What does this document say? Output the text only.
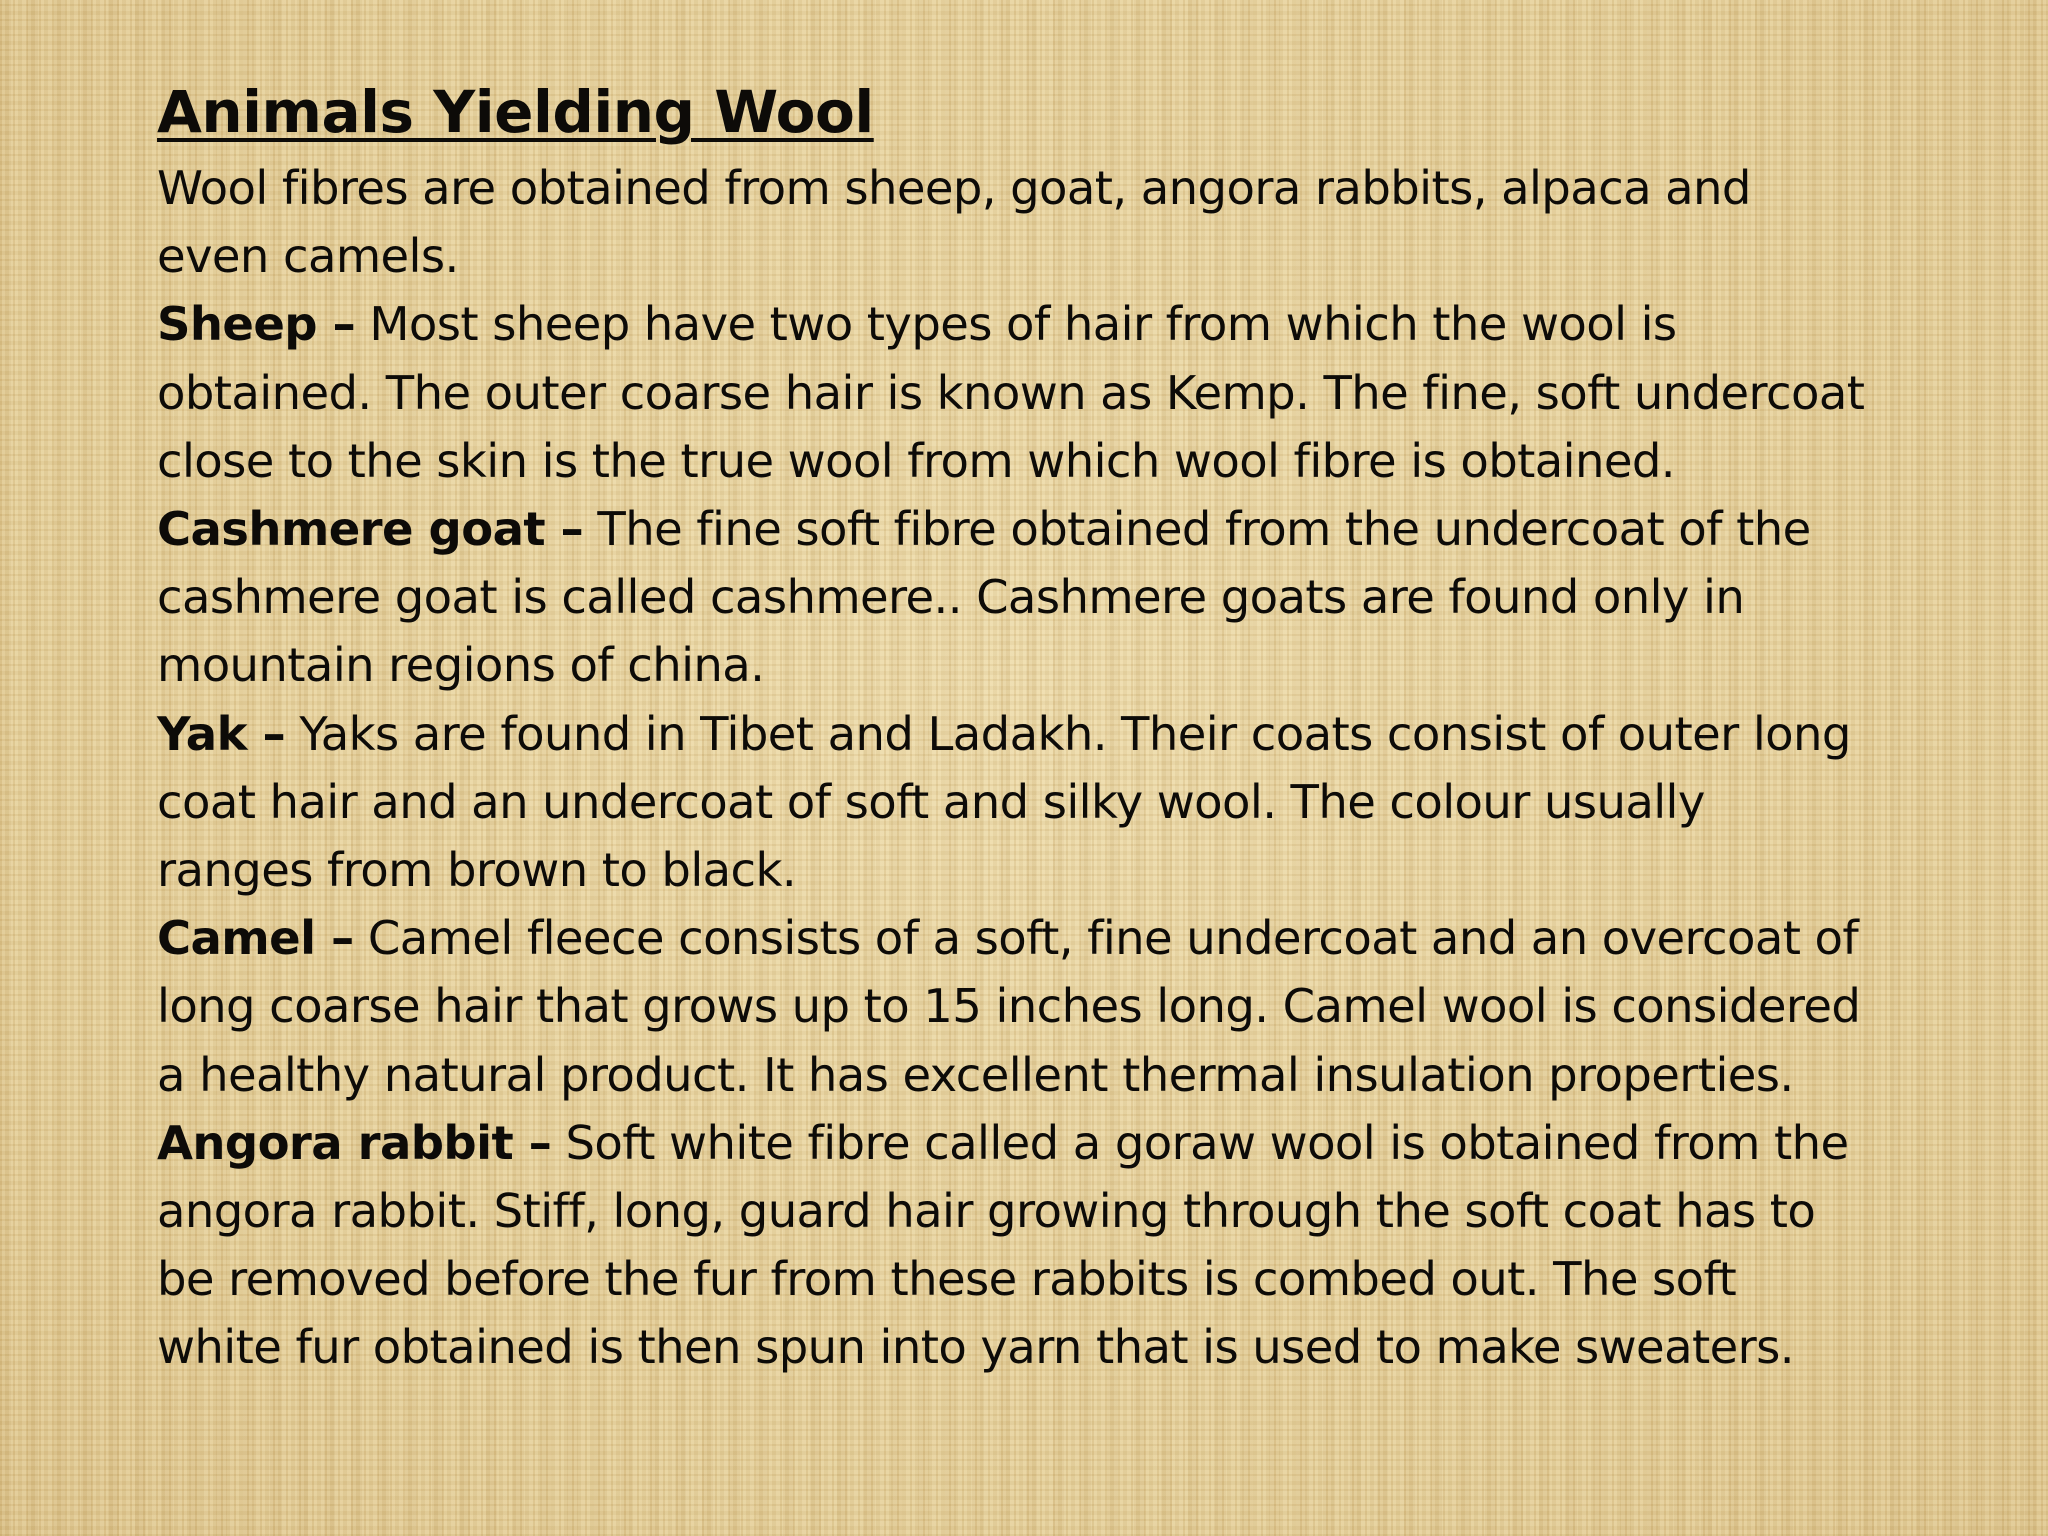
Animals Yielding Wool
Wool fibres are obtained from sheep, goat, angora rabbits, alpaca and
even camels.
Sheep – Most sheep have two types of hair from which the wool is
obtained. The outer coarse hair is known as Kemp. The fine, soft undercoat
close to the skin is the true wool from which wool fibre is obtained.
Cashmere goat – The fine soft fibre obtained from the undercoat of the
cashmere goat is called cashmere.. Cashmere goats are found only in
mountain regions of china.
Yak – Yaks are found in Tibet and Ladakh. Their coats consist of outer long
coat hair and an undercoat of soft and silky wool. The colour usually
ranges from brown to black.
Camel – Camel fleece consists of a soft, fine undercoat and an overcoat of
long coarse hair that grows up to 15 inches long. Camel wool is considered
a healthy natural product. It has excellent thermal insulation properties.
Angora rabbit – Soft white fibre called a goraw wool is obtained from the
angora rabbit. Stiff, long, guard hair growing through the soft coat has to
be removed before the fur from these rabbits is combed out. The soft
white fur obtained is then spun into yarn that is used to make sweaters.
